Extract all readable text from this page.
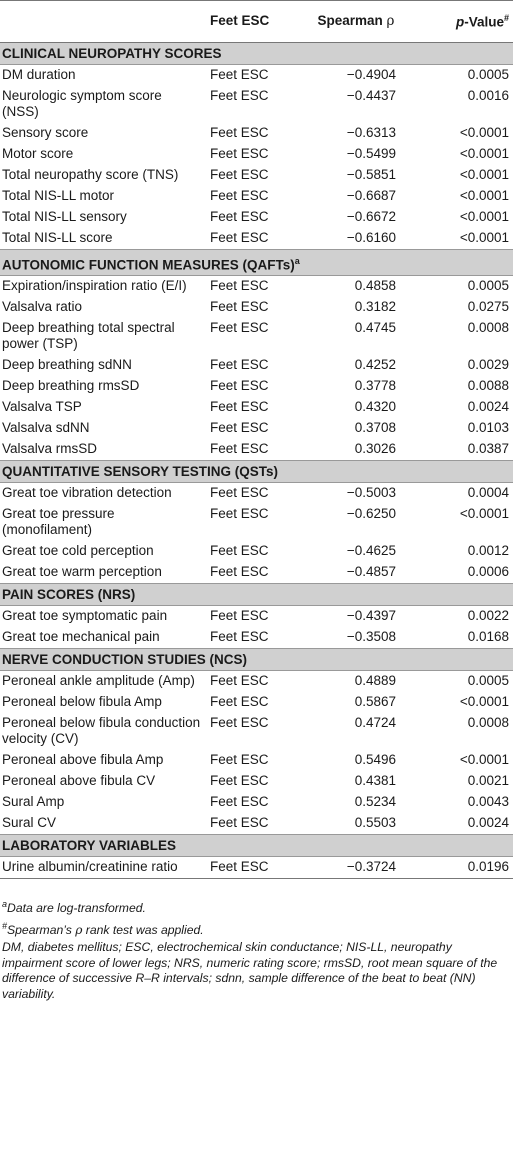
	Feet ESC	Spearman ρ	p-Value#
CLINICAL NEUROPATHY SCORES			
DM duration	Feet ESC	−0.4904	0.0005
Neurologic symptom score (NSS)	Feet ESC	−0.4437	0.0016
Sensory score	Feet ESC	−0.6313	<0.0001
Motor score	Feet ESC	−0.5499	<0.0001
Total neuropathy score (TNS)	Feet ESC	−0.5851	<0.0001
Total NIS-LL motor	Feet ESC	−0.6687	<0.0001
Total NIS-LL sensory	Feet ESC	−0.6672	<0.0001
Total NIS-LL score	Feet ESC	−0.6160	<0.0001
AUTONOMIC FUNCTION MEASURES (QAFTs)$^a$
Expiration/inspiration ratio (E/I)	Feet ESC	0.4858	0.0005
Valsalva ratio	Feet ESC	0.3182	0.0275
Deep breathing total spectral power (TSP)	Feet ESC	0.4745	0.0008
Deep breathing sdNN	Feet ESC	0.4252	0.0029
Deep breathing rmsSD	Feet ESC	0.3778	0.0088
Valsalva TSP	Feet ESC	0.4320	0.0024
Valsalva sdNN	Feet ESC	0.3708	0.0103
Valsalva rmsSD	Feet ESC	0.3026	0.0387
QUANTITATIVE SENSORY TESTING (QSTs)			
Great toe vibration detection	Feet ESC	−0.5003	0.0004
Great toe pressure (monofilament)	Feet ESC	−0.6250	<0.0001
Great toe cold perception	Feet ESC	−0.4625	0.0012
Great toe warm perception	Feet ESC	−0.4857	0.0006
PAIN SCORES (NRS)			
Great toe symptomatic pain	Feet ESC	−0.4397	0.0022
Great toe mechanical pain	Feet ESC	−0.3508	0.0168
NERVE CONDUCTION STUDIES (NCS)			
Peroneal ankle amplitude (Amp)	Feet ESC	0.4889	0.0005
Peroneal below fibula Amp	Feet ESC	0.5867	<0.0001
Peroneal below fibula conduction velocity (CV)	Feet ESC	0.4724	0.0008
Peroneal above fibula Amp	Feet ESC	0.5496	<0.0001
Peroneal above fibula CV	Feet ESC	0.4381	0.0021
Sural Amp	Feet ESC	0.5234	0.0043
Sural CV	Feet ESC	0.5503	0.0024
LABORATORY VARIABLES			
Urine albumin/creatinine ratio	Feet ESC	−0.3724	0.0196

$^a$Data are log-transformed.

#Spearman’s ρ rank test was applied.

DM, diabetes mellitus; ESC, electrochemical skin conductance; NIS-LL, neuropathy impairment score of lower legs; NRS, numeric rating score; rmsSD, root mean square of the difference of successive R–R intervals; sdnn, sample difference of the beat to beat (NN) variability.
